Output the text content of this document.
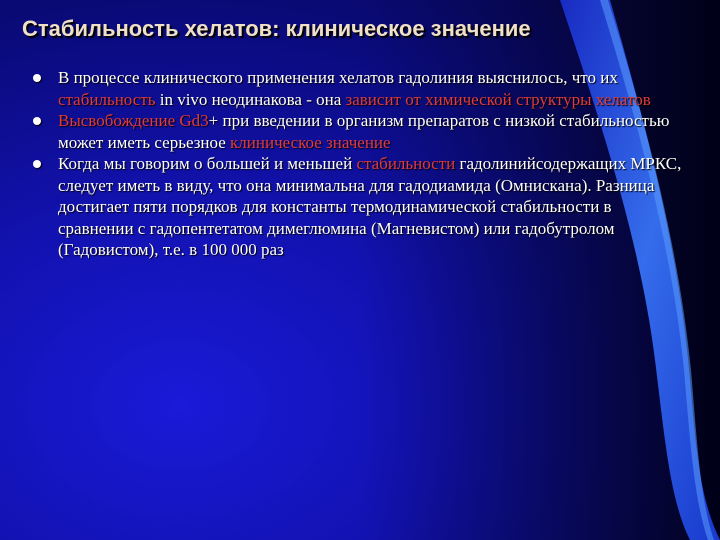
Стабильность хелатов: клиническое значение
В процессе клинического применения хелатов гадолиния выяснилось, что их стабильность in vivo неодинакова - она зависит от химической структуры хелатов
Высвобождение Gd3+ при введении в организм препаратов с низкой стабильностью может иметь серьезное клиническое значение
Когда мы говорим о большей и меньшей стабильности гадолинийсодержащих МРКС, следует иметь в виду, что она минимальна для гадодиамида (Омнискана). Разница достигает пяти порядков для константы термодинамической стабильности в сравнении с гадопентетатом димеглюмина (Магневистом) или гадобутролом (Гадовистом), т.е. в 100 000 раз
